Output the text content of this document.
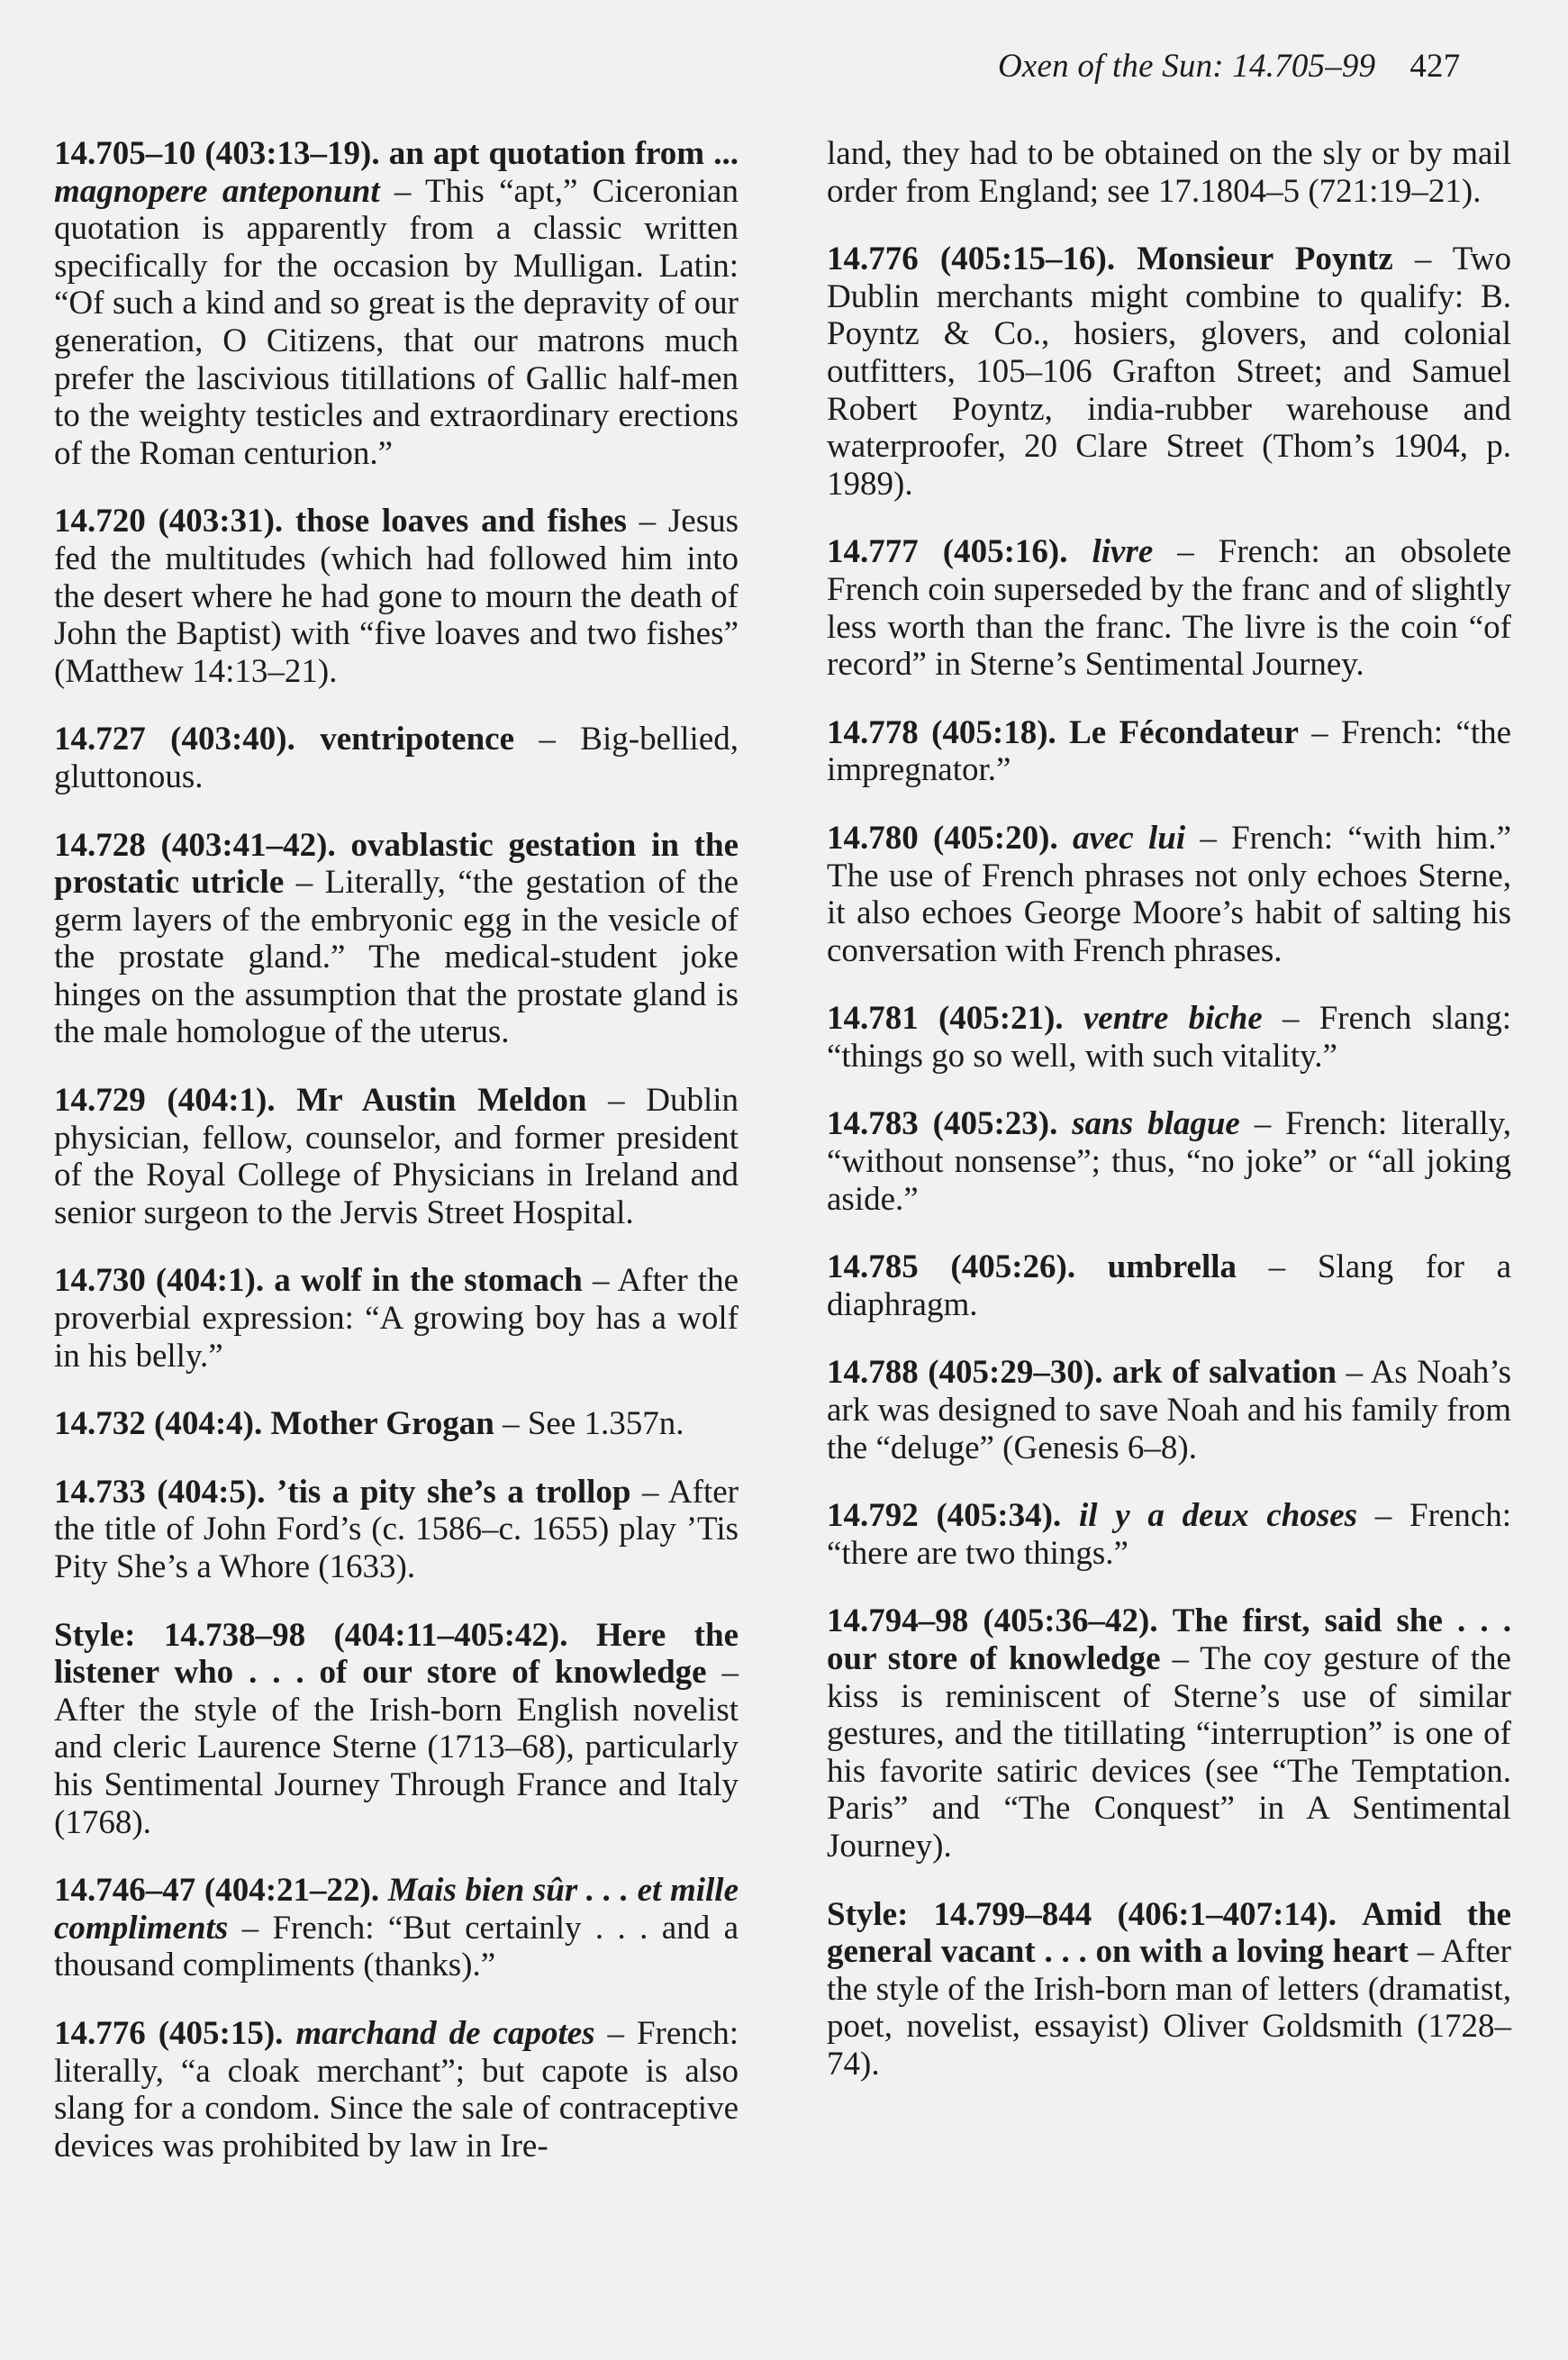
Oxen of the Sun: 14.705–99 427

14.705–10 (403:13–19). an apt quotation from ... magnopere anteponunt – This “apt,” Ciceronian quotation is apparently from a classic written specifically for the occasion by Mulligan. Latin: “Of such a kind and so great is the depravity of our generation, O Citizens, that our matrons much prefer the lascivious titillations of Gallic half-men to the weighty testicles and extraordinary erections of the Roman centurion.”

14.720 (403:31). those loaves and fishes – Jesus fed the multitudes (which had followed him into the desert where he had gone to mourn the death of John the Baptist) with “five loaves and two fishes” (Matthew 14:13–21).

14.727 (403:40). ventripotence – Big-bellied, gluttonous.

14.728 (403:41–42). ovablastic gestation in the prostatic utricle – Literally, “the gestation of the germ layers of the embryonic egg in the vesicle of the prostate gland.” The medical-student joke hinges on the assumption that the prostate gland is the male homologue of the uterus.

14.729 (404:1). Mr Austin Meldon – Dublin physician, fellow, counselor, and former president of the Royal College of Physicians in Ireland and senior surgeon to the Jervis Street Hospital.

14.730 (404:1). a wolf in the stomach – After the proverbial expression: “A growing boy has a wolf in his belly.”

14.732 (404:4). Mother Grogan – See 1.357n.

14.733 (404:5). ’tis a pity she’s a trollop – After the title of John Ford’s (c. 1586–c. 1655) play ’Tis Pity She’s a Whore (1633).

Style: 14.738–98 (404:11–405:42). Here the listener who . . . of our store of knowledge – After the style of the Irish-born English novelist and cleric Laurence Sterne (1713–68), particularly his Sentimental Journey Through France and Italy (1768).

14.746–47 (404:21–22). Mais bien sûr . . . et mille compliments – French: “But certainly . . . and a thousand compliments (thanks).”

14.776 (405:15). marchand de capotes – French: literally, “a cloak merchant”; but capote is also slang for a condom. Since the sale of contraceptive devices was prohibited by law in Ire-

land, they had to be obtained on the sly or by mail order from England; see 17.1804–5 (721:19–21).

14.776 (405:15–16). Monsieur Poyntz – Two Dublin merchants might combine to qualify: B. Poyntz & Co., hosiers, glovers, and colonial outfitters, 105–106 Grafton Street; and Samuel Robert Poyntz, india-rubber warehouse and waterproofer, 20 Clare Street (Thom’s 1904, p. 1989).

14.777 (405:16). livre – French: an obsolete French coin superseded by the franc and of slightly less worth than the franc. The livre is the coin “of record” in Sterne’s Sentimental Journey.

14.778 (405:18). Le Fécondateur – French: “the impregnator.”

14.780 (405:20). avec lui – French: “with him.” The use of French phrases not only echoes Sterne, it also echoes George Moore’s habit of salting his conversation with French phrases.

14.781 (405:21). ventre biche – French slang: “things go so well, with such vitality.”

14.783 (405:23). sans blague – French: literally, “without nonsense”; thus, “no joke” or “all joking aside.”

14.785 (405:26). umbrella – Slang for a diaphragm.

14.788 (405:29–30). ark of salvation – As Noah’s ark was designed to save Noah and his family from the “deluge” (Genesis 6–8).

14.792 (405:34). il y a deux choses – French: “there are two things.”

14.794–98 (405:36–42). The first, said she . . . our store of knowledge – The coy gesture of the kiss is reminiscent of Sterne’s use of similar gestures, and the titillating “interruption” is one of his favorite satiric devices (see “The Temptation. Paris” and “The Conquest” in A Sentimental Journey).

Style: 14.799–844 (406:1–407:14). Amid the general vacant . . . on with a loving heart – After the style of the Irish-born man of letters (dramatist, poet, novelist, essayist) Oliver Goldsmith (1728–74).
